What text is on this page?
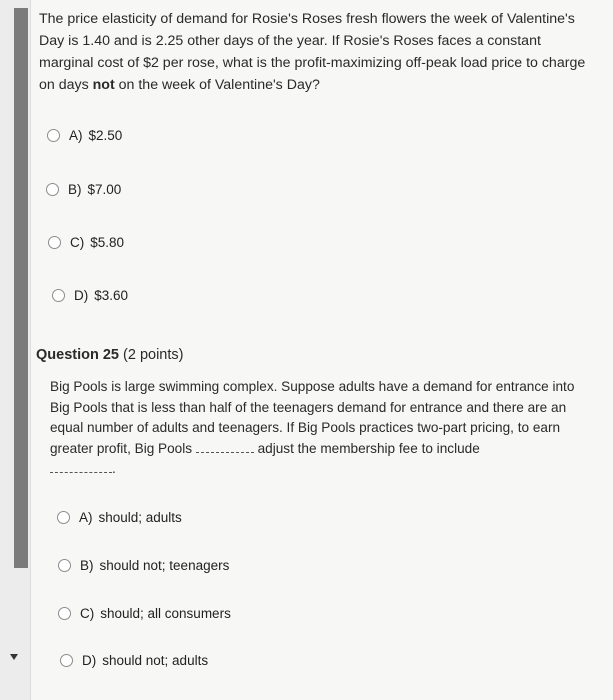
The price elasticity of demand for Rosie's Roses fresh flowers the week of Valentine's Day is 1.40 and is 2.25 other days of the year. If Rosie's Roses faces a constant marginal cost of $2 per rose, what is the profit-maximizing off-peak load price to charge on days not on the week of Valentine's Day?
A) $2.50
B) $7.00
C) $5.80
D) $3.60
Question 25 (2 points)
Big Pools is large swimming complex. Suppose adults have a demand for entrance into Big Pools that is less than half of the teenagers demand for entrance and there are an equal number of adults and teenagers. If Big Pools practices two-part pricing, to earn greater profit, Big Pools	adjust the membership fee to include
.
A) should; adults
B) should not; teenagers
C) should; all consumers
D) should not; adults
